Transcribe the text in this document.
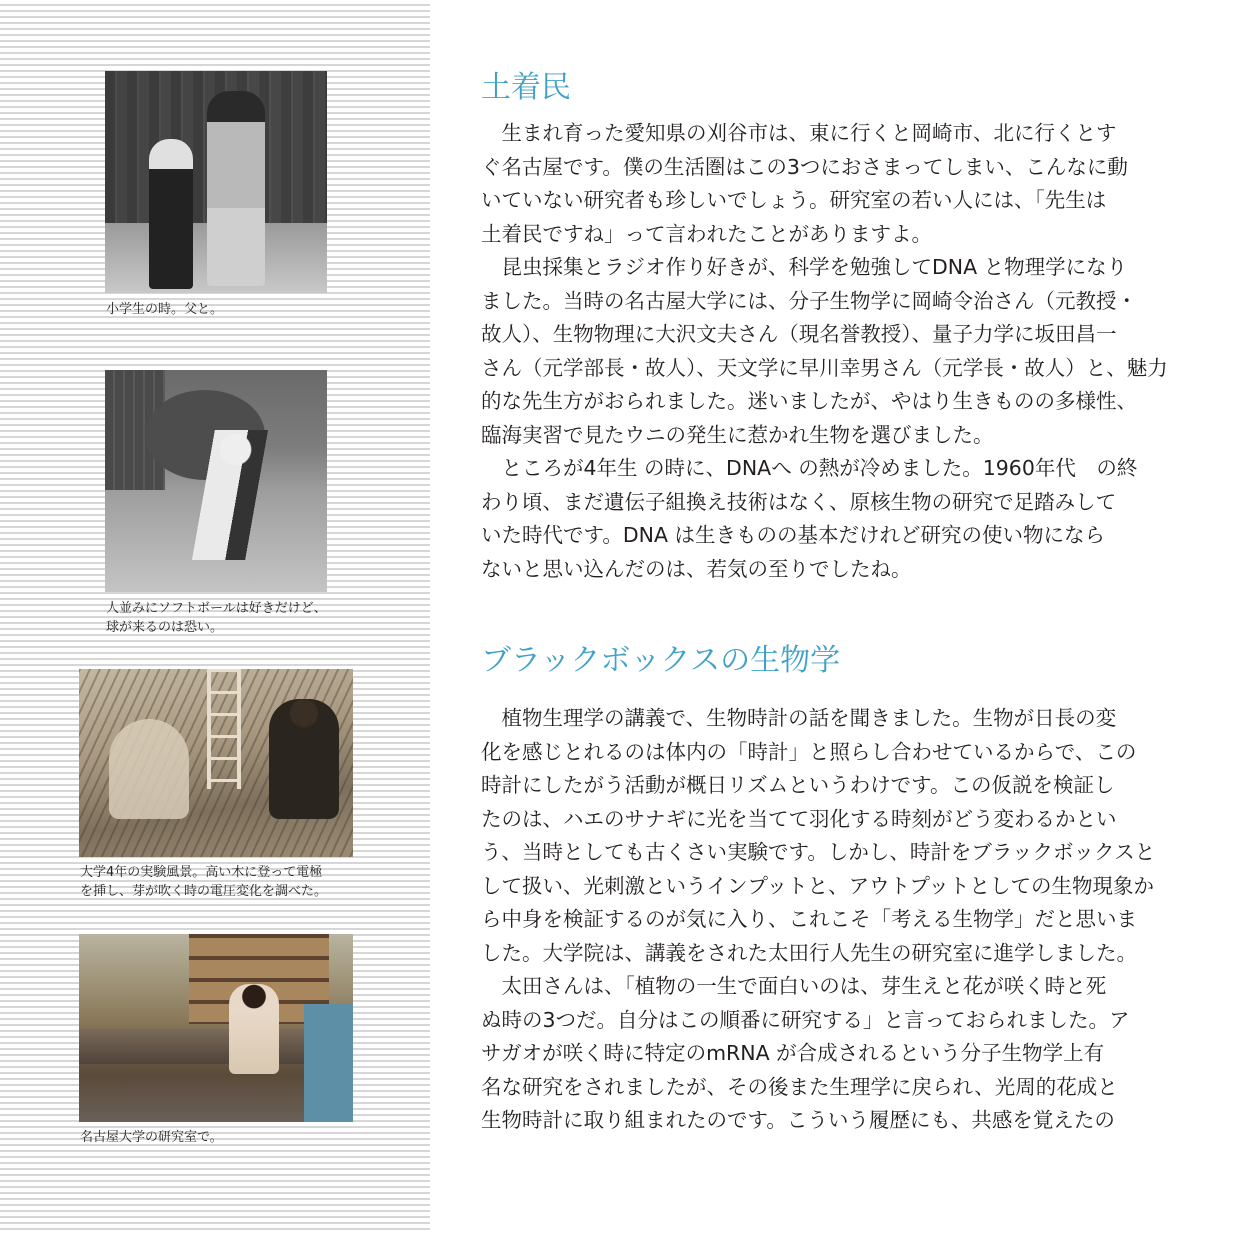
小学生の時。父と。
人並みにソフトボールは好きだけど、
球が来るのは恐い。
大学4年の実験風景。高い木に登って電極
を挿し、芽が吹く時の電圧変化を調べた。
名古屋大学の研究室で。
土着民
　生まれ育った愛知県の刈谷市は、東に行くと岡崎市、北に行くとす
ぐ名古屋です。僕の生活圏はこの3つにおさまってしまい、こんなに動
いていない研究者も珍しいでしょう。研究室の若い人には、「先生は
土着民ですね」って言われたことがありますよ。
　昆虫採集とラジオ作り好きが、科学を勉強してDNA と物理学になり
ました。当時の名古屋大学には、分子生物学に岡崎令治さん（元教授・
故人）、生物物理に大沢文夫さん（現名誉教授）、量子力学に坂田昌一
さん（元学部長・故人）、天文学に早川幸男さん（元学長・故人）と、魅力
的な先生方がおられました。迷いましたが、やはり生きものの多様性、
臨海実習で見たウニの発生に惹かれ生物を選びました。
　ところが4年生 の時に、DNAへ の熱が冷めました。1960年代　の終
わり頃、まだ遺伝子組換え技術はなく、原核生物の研究で足踏みして
いた時代です。DNA は生きものの基本だけれど研究の使い物になら
ないと思い込んだのは、若気の至りでしたね。
ブラックボックスの生物学
　植物生理学の講義で、生物時計の話を聞きました。生物が日長の変
化を感じとれるのは体内の「時計」と照らし合わせているからで、この
時計にしたがう活動が概日リズムというわけです。この仮説を検証し
たのは、ハエのサナギに光を当てて羽化する時刻がどう変わるかとい
う、当時としても古くさい実験です。しかし、時計をブラックボックスと
して扱い、光刺激というインプットと、アウトプットとしての生物現象か
ら中身を検証するのが気に入り、これこそ「考える生物学」だと思いま
した。大学院は、講義をされた太田行人先生の研究室に進学しました。
　太田さんは、「植物の一生で面白いのは、芽生えと花が咲く時と死
ぬ時の3つだ。自分はこの順番に研究する」と言っておられました。ア
サガオが咲く時に特定のmRNA が合成されるという分子生物学上有
名な研究をされましたが、その後また生理学に戻られ、光周的花成と
生物時計に取り組まれたのです。こういう履歴にも、共感を覚えたの
